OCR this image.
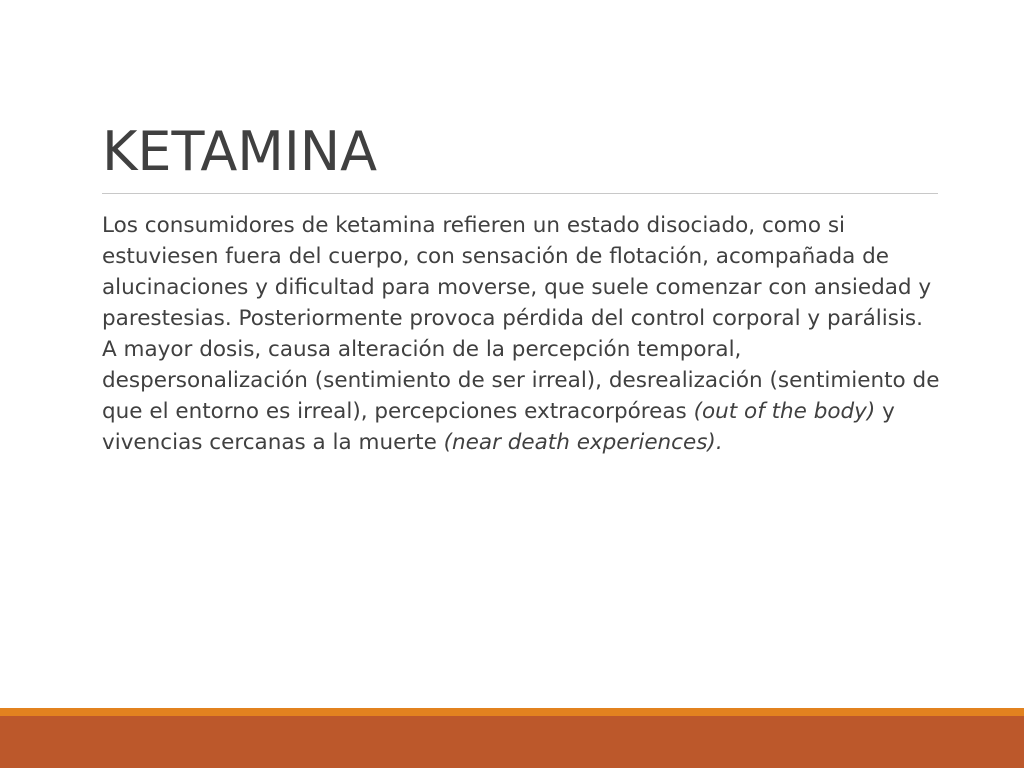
KETAMINA

Los consumidores de ketamina refieren un estado disociado, como si estuviesen fuera del cuerpo, con sensación de flotación, acompañada de alucinaciones y dificultad para moverse, que suele comenzar con ansiedad y parestesias. Posteriormente provoca pérdida del control corporal y parálisis. A mayor dosis, causa alteración de la percepción temporal, despersonalización (sentimiento de ser irreal), desrealización (sentimiento de que el entorno es irreal), percepciones extracorpóreas (out of the body) y vivencias cercanas a la muerte (near death experiences).
